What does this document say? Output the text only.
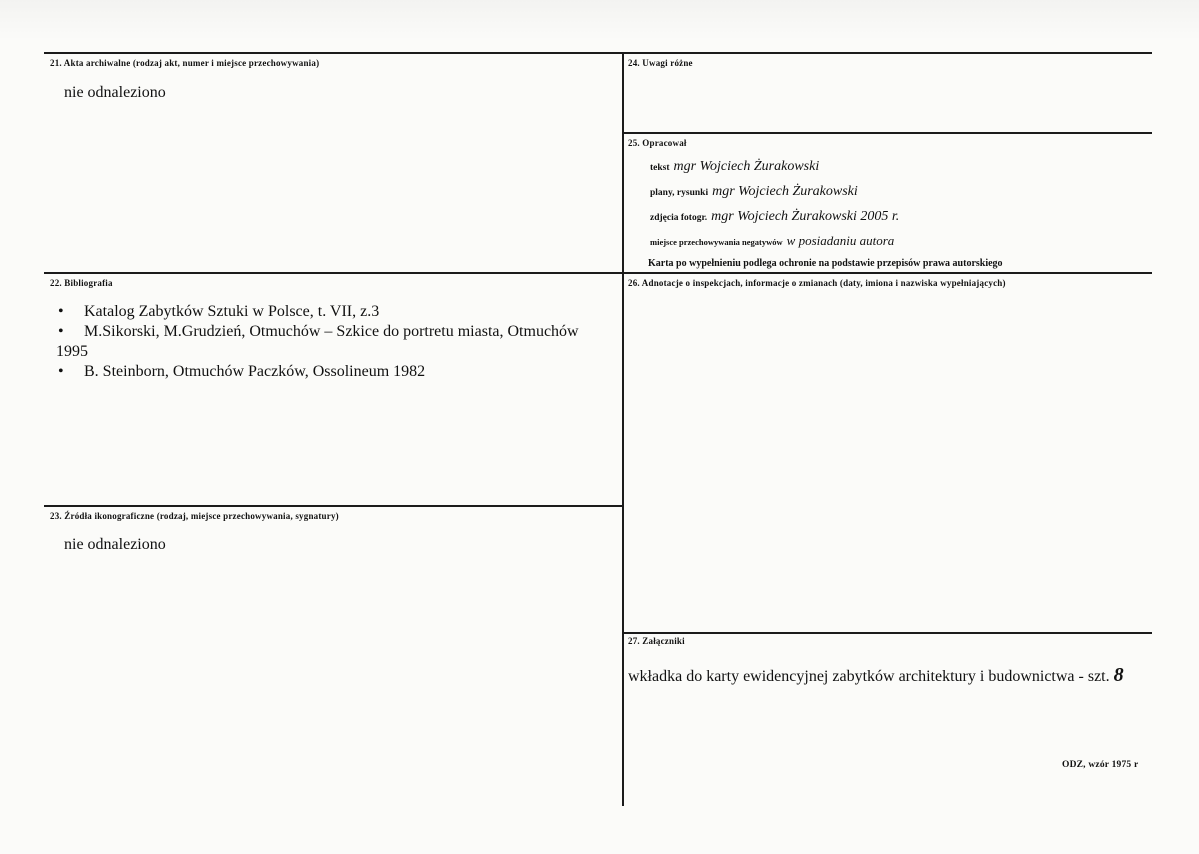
21. Akta archiwalne (rodzaj akt, numer i miejsce przechowywania)
nie odnaleziono
22. Bibliografia
• Katalog Zabytków Sztuki w Polsce, t. VII, z.3
• M.Sikorski, M.Grudzień, Otmuchów – Szkice do portretu miasta, Otmuchów
1995
• B. Steinborn, Otmuchów Paczków, Ossolineum 1982
23. Źródła ikonograficzne (rodzaj, miejsce przechowywania, sygnatury)
nie odnaleziono
24. Uwagi różne
25. Opracował
tekst mgr Wojciech Żurakowski
plany, rysunki mgr Wojciech Żurakowski
zdjęcia fotogr. mgr Wojciech Żurakowski 2005 r.
miejsce przechowywania negatywów w posiadaniu autora
Karta po wypełnieniu podlega ochronie na podstawie przepisów prawa autorskiego
26. Adnotacje o inspekcjach, informacje o zmianach (daty, imiona i nazwiska wypełniających)
27. Załączniki
wkładka do karty ewidencyjnej zabytków architektury i budownictwa - szt. 8
ODZ, wzór 1975 r
